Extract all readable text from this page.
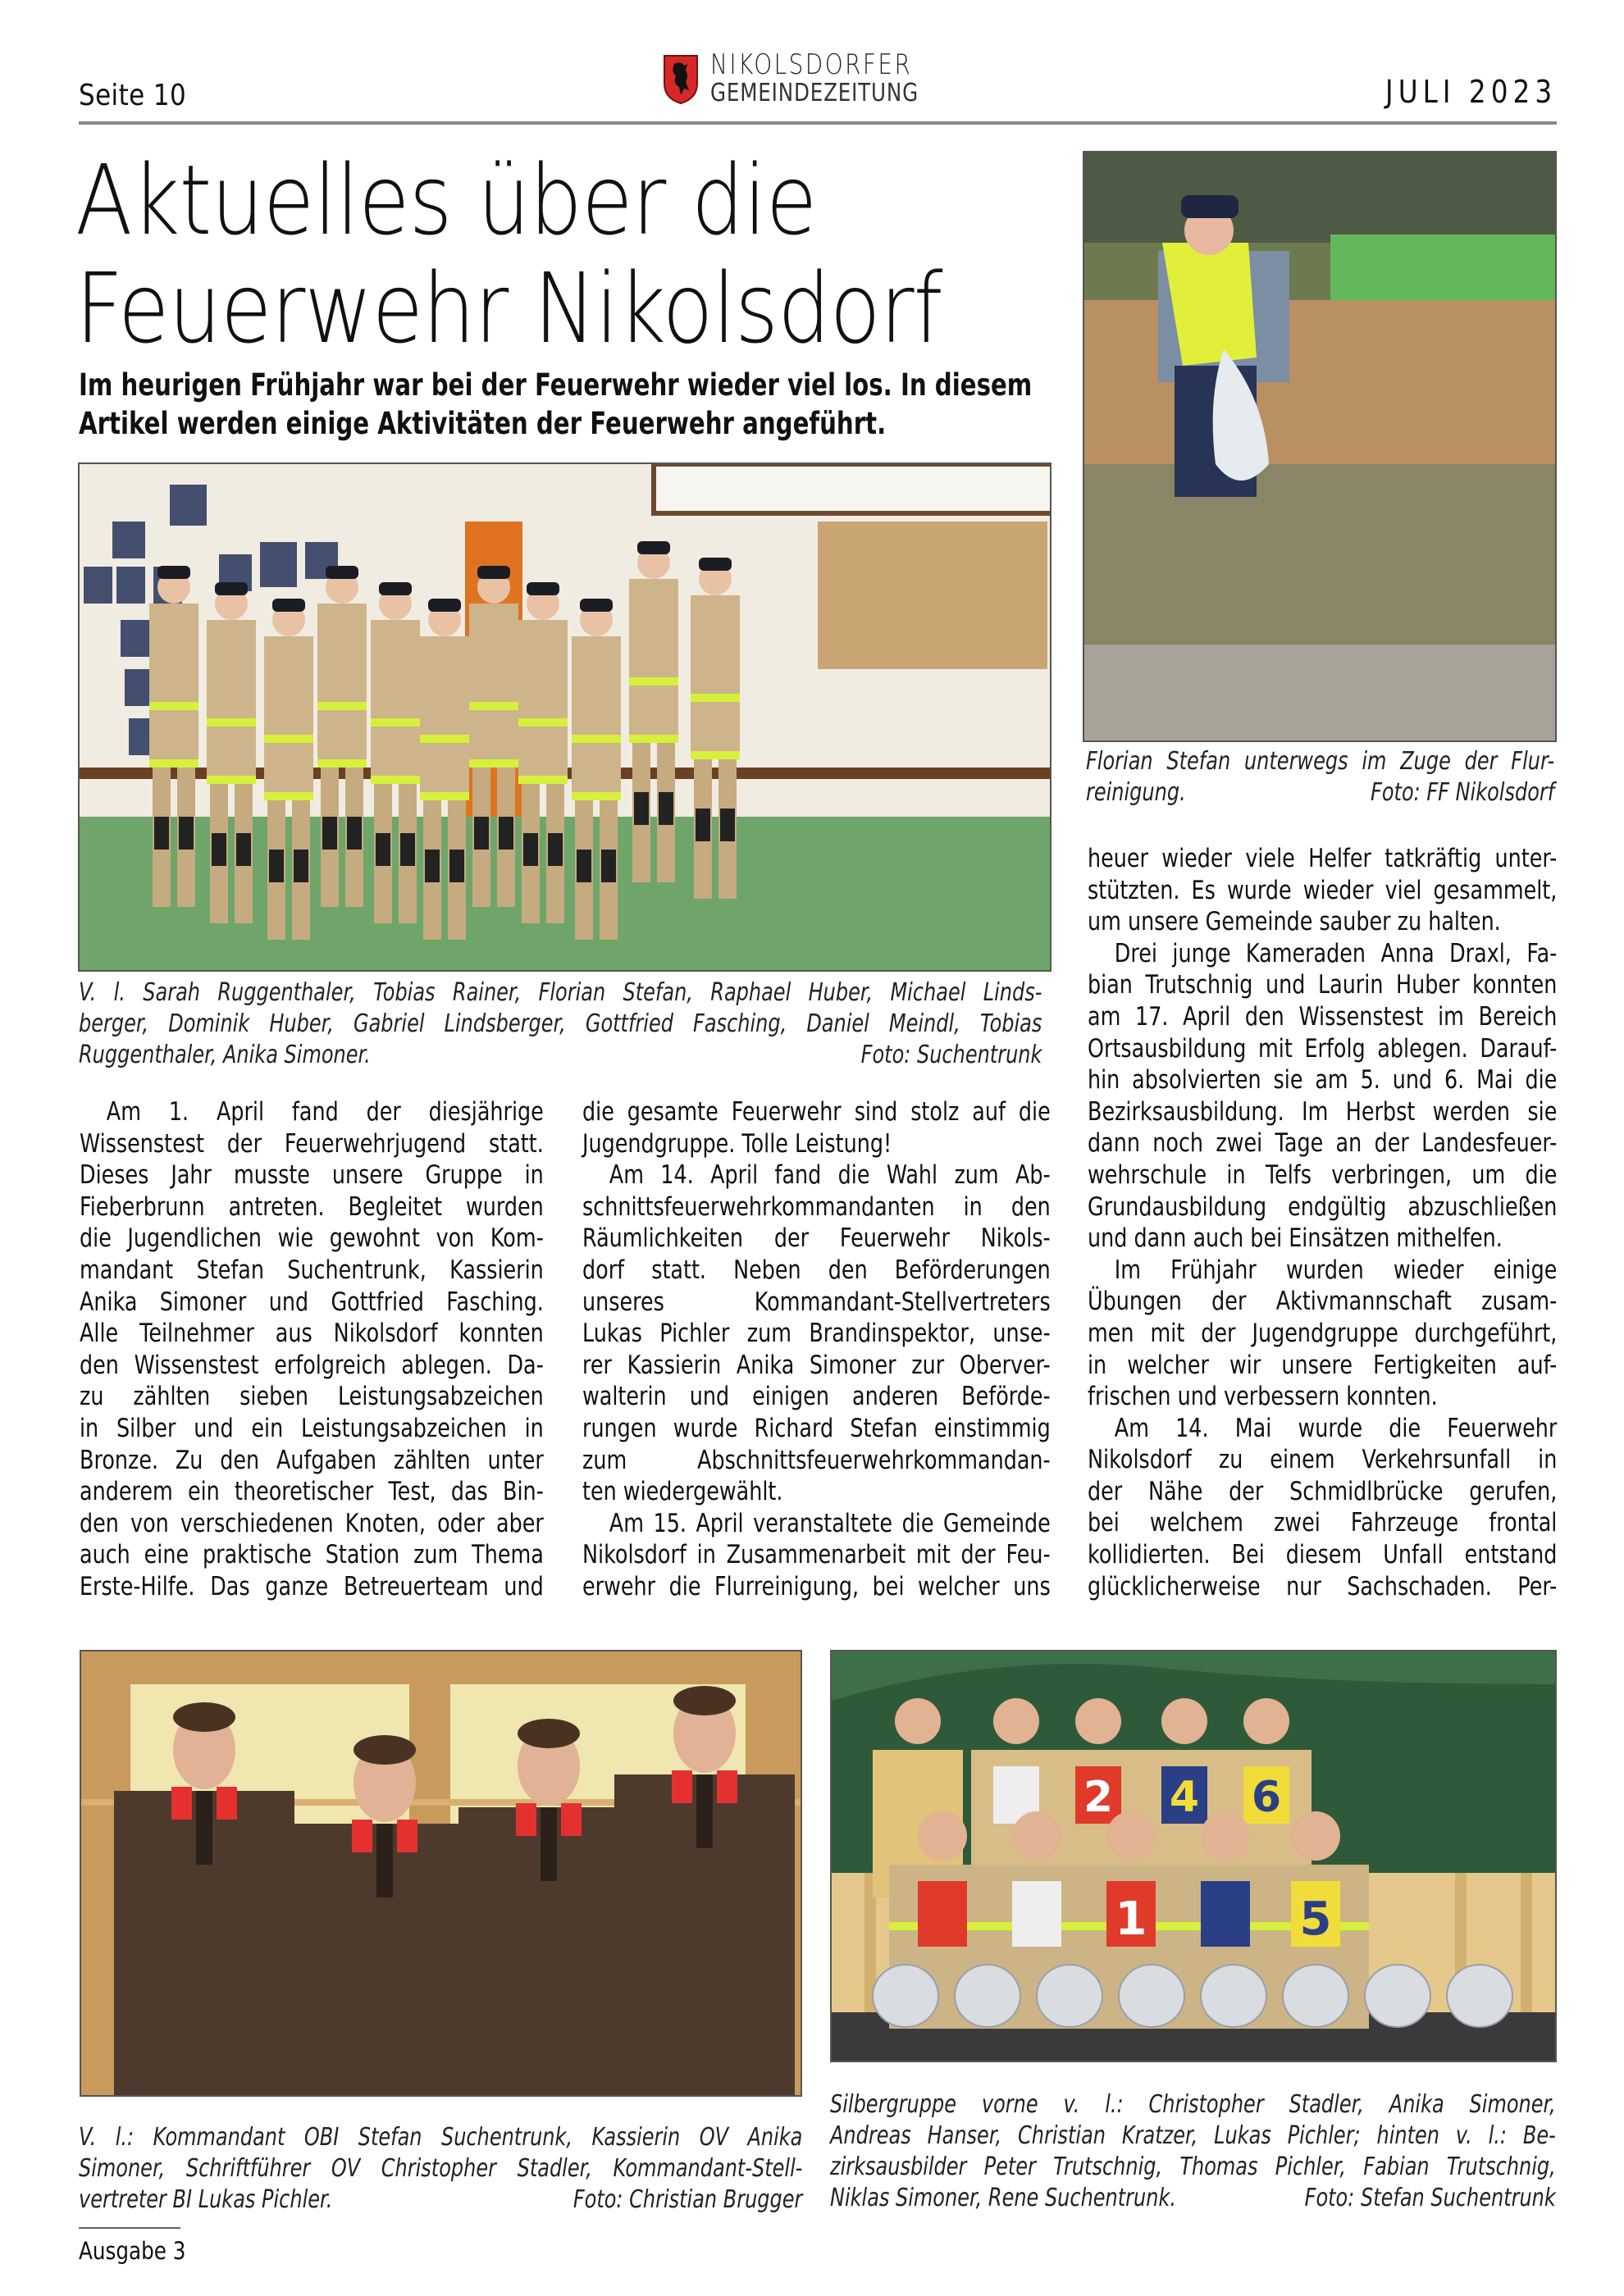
Seite 10
NIKOLSDORFER
GEMEINDEZEITUNG	JULI 2023
Aktuelles über die
Feuerwehr Nikolsdorf
Im heurigen Frühjahr war bei der Feuerwehr wieder viel los. In diesem
Artikel werden einige Aktivitäten der Feuerwehr angeführt.
V. l. Sarah Ruggenthaler, Tobias Rainer, Florian Stefan, Raphael Huber, Michael Linds-
berger, Dominik Huber, Gabriel Lindsberger, Gottfried Fasching, Daniel Meindl, Tobias
Ruggenthaler, Anika Simoner.	Foto: Suchentrunk
Florian Stefan unterwegs im Zuge der Flur-
reinigung.	Foto: FF Nikolsdorf
Am 1. April fand der diesjährige
Wissenstest der Feuerwehrjugend statt.
Dieses Jahr musste unsere Gruppe in
Fieberbrunn antreten. Begleitet wurden
die Jugendlichen wie gewohnt von Kom-
mandant Stefan Suchentrunk, Kassierin
Anika Simoner und Gottfried Fasching.
Alle Teilnehmer aus Nikolsdorf konnten
den Wissenstest erfolgreich ablegen. Da-
zu zählten sieben Leistungsabzeichen
in Silber und ein Leistungsabzeichen in
Bronze. Zu den Aufgaben zählten unter
anderem ein theoretischer Test, das Bin-
den von verschiedenen Knoten, oder aber
auch eine praktische Station zum Thema
Erste-Hilfe. Das ganze Betreuerteam und
die gesamte Feuerwehr sind stolz auf die
Jugendgruppe. Tolle Leistung!
Am 14. April fand die Wahl zum Ab-
schnittsfeuerwehrkommandanten in den
Räumlichkeiten der Feuerwehr Nikols-
dorf statt. Neben den Beförderungen
unseres Kommandant-Stellvertreters
Lukas Pichler zum Brandinspektor, unse-
rer Kassierin Anika Simoner zur Oberver-
walterin und einigen anderen Beförde-
rungen wurde Richard Stefan einstimmig
zum Abschnittsfeuerwehrkommandan-
ten wiedergewählt.
Am 15. April veranstaltete die Gemeinde
Nikolsdorf in Zusammenarbeit mit der Feu-
erwehr die Flurreinigung, bei welcher uns
heuer wieder viele Helfer tatkräftig unter-
stützten. Es wurde wieder viel gesammelt,
um unsere Gemeinde sauber zu halten.
Drei junge Kameraden Anna Draxl, Fa-
bian Trutschnig und Laurin Huber konnten
am 17. April den Wissenstest im Bereich
Ortsausbildung mit Erfolg ablegen. Darauf-
hin absolvierten sie am 5. und 6. Mai die
Bezirksausbildung. Im Herbst werden sie
dann noch zwei Tage an der Landesfeuer-
wehrschule in Telfs verbringen, um die
Grundausbildung endgültig abzuschließen
und dann auch bei Einsätzen mithelfen.
Im Frühjahr wurden wieder einige
Übungen der Aktivmannschaft zusam-
men mit der Jugendgruppe durchgeführt,
in welcher wir unsere Fertigkeiten auf-
frischen und verbessern konnten.
Am 14. Mai wurde die Feuerwehr
Nikolsdorf zu einem Verkehrsunfall in
der Nähe der Schmidlbrücke gerufen,
bei welchem zwei Fahrzeuge frontal
kollidierten. Bei diesem Unfall entstand
glücklicherweise nur Sachschaden. Per-
V. l.: Kommandant OBI Stefan Suchentrunk, Kassierin OV Anika
Simoner, Schriftführer OV Christopher Stadler, Kommandant-Stell-
vertreter BI Lukas Pichler.	Foto: Christian Brugger
2 4 6
1	5
Silbergruppe vorne v. l.: Christopher Stadler, Anika Simoner,
Andreas Hanser, Christian Kratzer, Lukas Pichler; hinten v. l.: Be-
zirksausbilder Peter Trutschnig, Thomas Pichler, Fabian Trutschnig,
Niklas Simoner, Rene Suchentrunk.	Foto: Stefan Suchentrunk
Ausgabe 3
